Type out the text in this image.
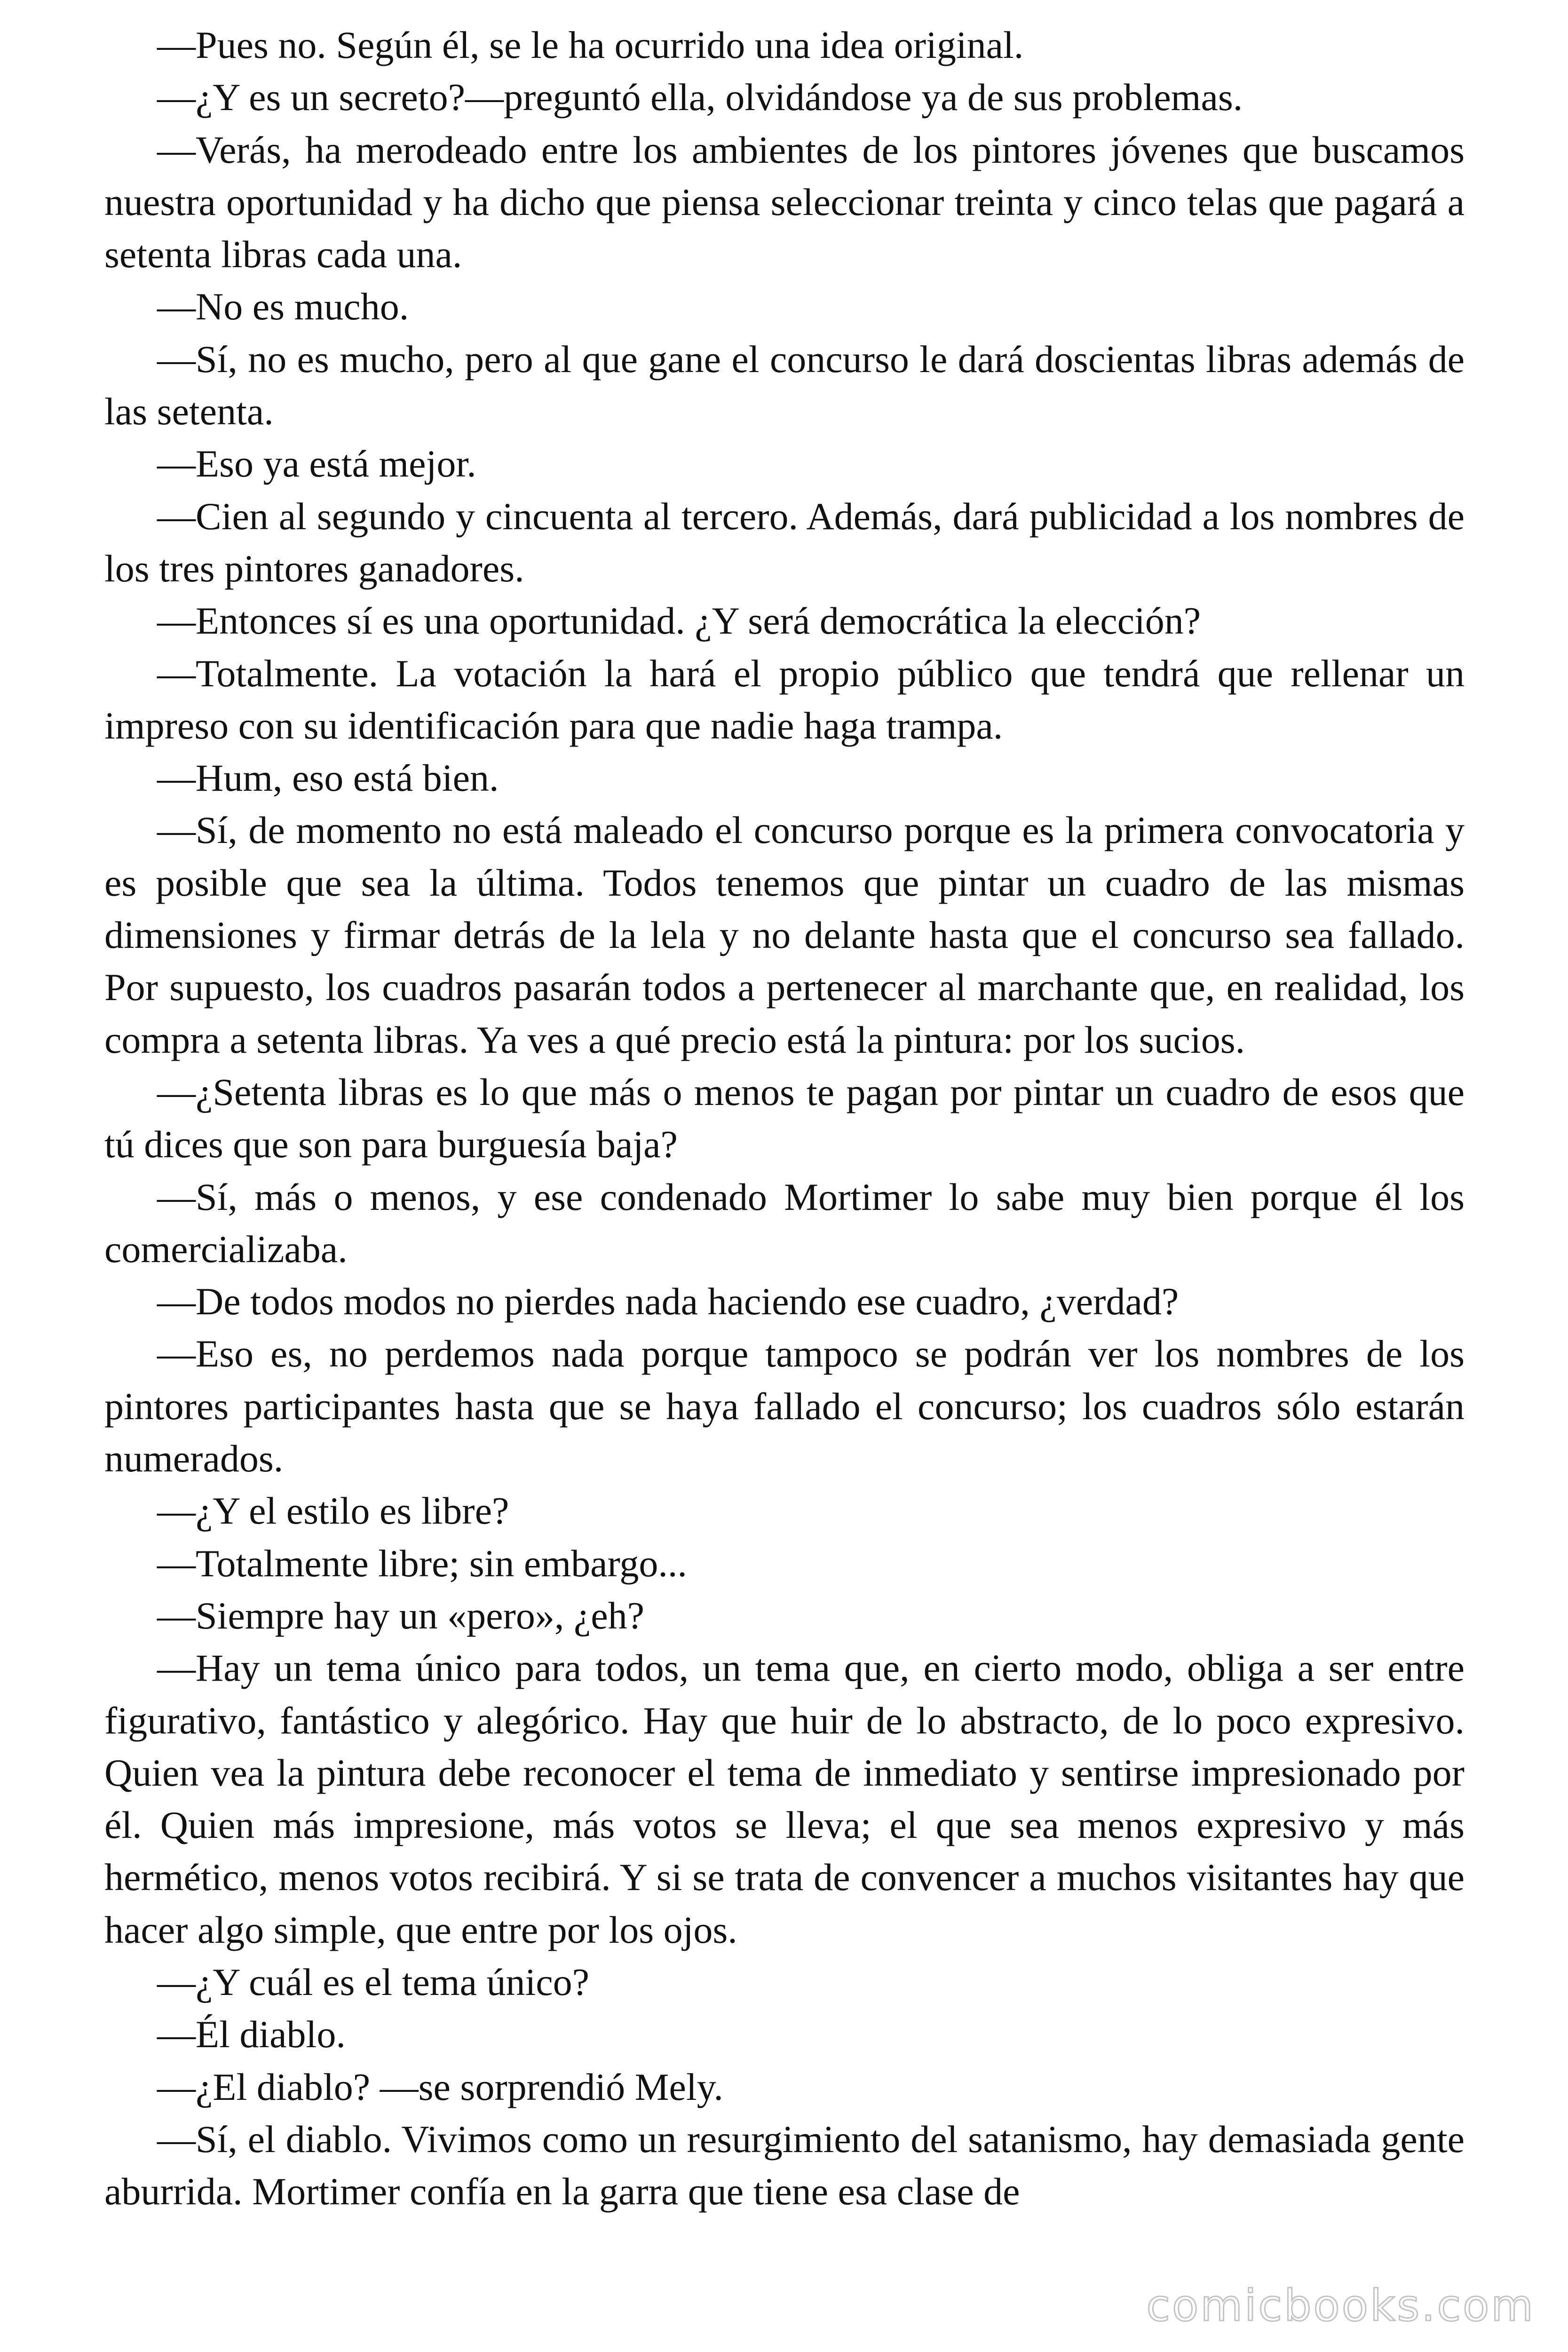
—Pues no. Según él, se le ha ocurrido una idea original.

—¿Y es un secreto?—preguntó ella, olvidándose ya de sus problemas.

—Verás, ha merodeado entre los ambientes de los pintores jóvenes que buscamos nuestra oportunidad y ha dicho que piensa seleccionar treinta y cinco telas que pagará a setenta libras cada una.

—No es mucho.

—Sí, no es mucho, pero al que gane el concurso le dará doscientas libras además de las setenta.

—Eso ya está mejor.

—Cien al segundo y cincuenta al tercero. Además, dará publicidad a los nombres de los tres pintores ganadores.

—Entonces sí es una oportunidad. ¿Y será democrática la elección?

—Totalmente. La votación la hará el propio público que tendrá que rellenar un impreso con su identificación para que nadie haga trampa.

—Hum, eso está bien.

—Sí, de momento no está maleado el concurso porque es la primera convocatoria y es posible que sea la última. Todos tenemos que pintar un cuadro de las mismas dimensiones y firmar detrás de la lela y no delante hasta que el concurso sea fallado. Por supuesto, los cuadros pasarán todos a pertenecer al marchante que, en realidad, los compra a setenta libras. Ya ves a qué precio está la pintura: por los sucios.

—¿Setenta libras es lo que más o menos te pagan por pintar un cuadro de esos que tú dices que son para burguesía baja?

—Sí, más o menos, y ese condenado Mortimer lo sabe muy bien porque él los comercializaba.

—De todos modos no pierdes nada haciendo ese cuadro, ¿verdad?

—Eso es, no perdemos nada porque tampoco se podrán ver los nombres de los pintores participantes hasta que se haya fallado el concurso; los cuadros sólo estarán numerados.

—¿Y el estilo es libre?

—Totalmente libre; sin embargo...

—Siempre hay un «pero», ¿eh?

—Hay un tema único para todos, un tema que, en cierto modo, obliga a ser entre figurativo, fantástico y alegórico. Hay que huir de lo abstracto, de lo poco expresivo. Quien vea la pintura debe reconocer el tema de inmediato y sentirse impresionado por él. Quien más impresione, más votos se lleva; el que sea menos expresivo y más hermético, menos votos recibirá. Y si se trata de convencer a muchos visitantes hay que hacer algo simple, que entre por los ojos.

—¿Y cuál es el tema único?

—Él diablo.

—¿El diablo? —se sorprendió Mely.

—Sí, el diablo. Vivimos como un resurgimiento del satanismo, hay demasiada gente aburrida. Mortimer confía en la garra que tiene esa clase de

comicbooks.com
